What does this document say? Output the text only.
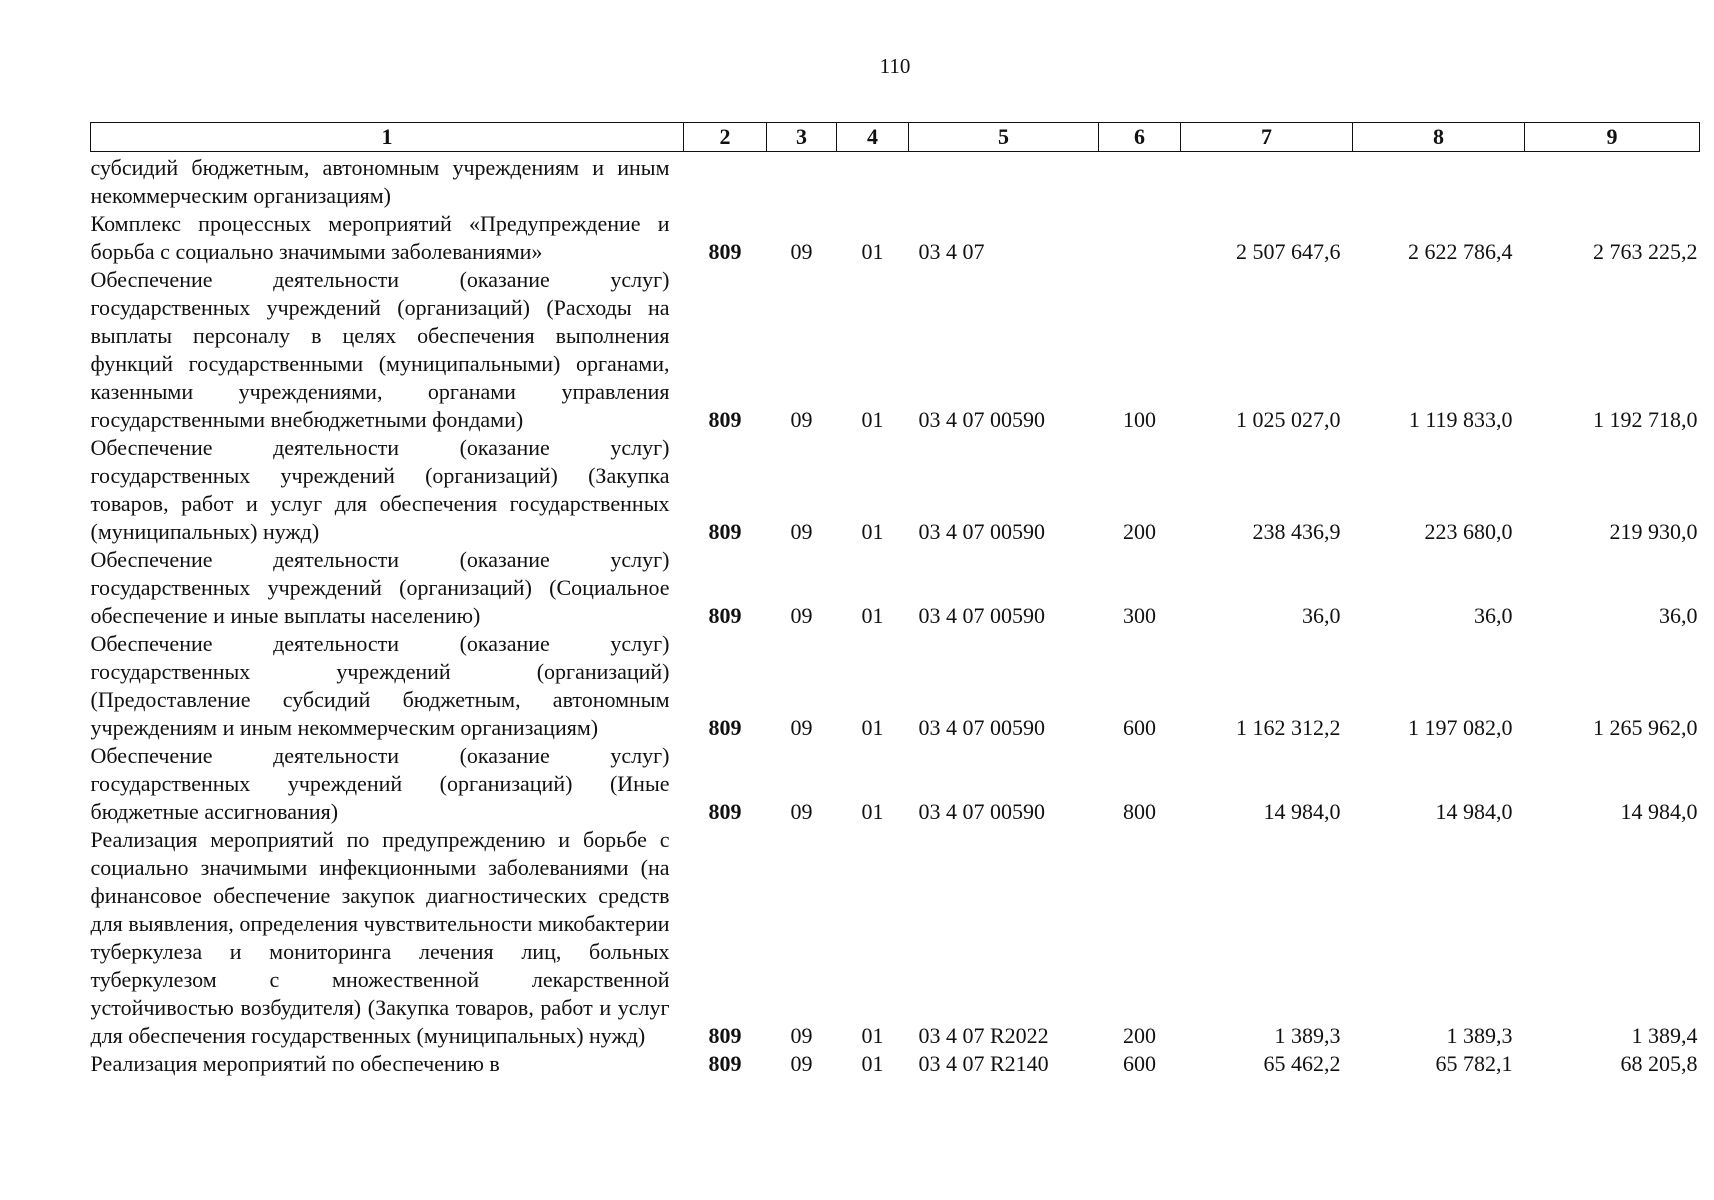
110
1	2	3	4	5	6	7	8	9
субсидий бюджетным, автономным учреждениям и иным некоммерческим организациям)								
Комплекс процессных мероприятий «Предупреждение и борьба с социально значимыми заболеваниями»	809	09	01	03 4 07		2 507 647,6	2 622 786,4	2 763 225,2
Обеспечение деятельности (оказание услуг) государственных учреждений (организаций) (Расходы на выплаты персоналу в целях обеспечения выполнения функций государственными (муниципальными) органами, казенными учреждениями, органами управления государственными внебюджетными фондами)	809	09	01	03 4 07 00590	100	1 025 027,0	1 119 833,0	1 192 718,0
Обеспечение деятельности (оказание услуг) государственных учреждений (организаций) (Закупка товаров, работ и услуг для обеспечения государственных (муниципальных) нужд)	809	09	01	03 4 07 00590	200	238 436,9	223 680,0	219 930,0
Обеспечение деятельности (оказание услуг) государственных учреждений (организаций) (Социальное обеспечение и иные выплаты населению)	809	09	01	03 4 07 00590	300	36,0	36,0	36,0
Обеспечение деятельности (оказание услуг) государственных учреждений (организаций) (Предоставление субсидий бюджетным, автономным учреждениям и иным некоммерческим организациям)	809	09	01	03 4 07 00590	600	1 162 312,2	1 197 082,0	1 265 962,0
Обеспечение деятельности (оказание услуг) государственных учреждений (организаций) (Иные бюджетные ассигнования)	809	09	01	03 4 07 00590	800	14 984,0	14 984,0	14 984,0
Реализация мероприятий по предупреждению и борьбе с социально значимыми инфекционными заболеваниями (на финансовое обеспечение закупок диагностических средств для выявления, определения чувствительности микобактерии туберкулеза и мониторинга лечения лиц, больных туберкулезом с множественной лекарственной устойчивостью возбудителя) (Закупка товаров, работ и услуг для обеспечения государственных (муниципальных) нужд)	809	09	01	03 4 07 R2022	200	1 389,3	1 389,3	1 389,4
Реализация мероприятий по обеспечению в	809	09	01	03 4 07 R2140	600	65 462,2	65 782,1	68 205,8
